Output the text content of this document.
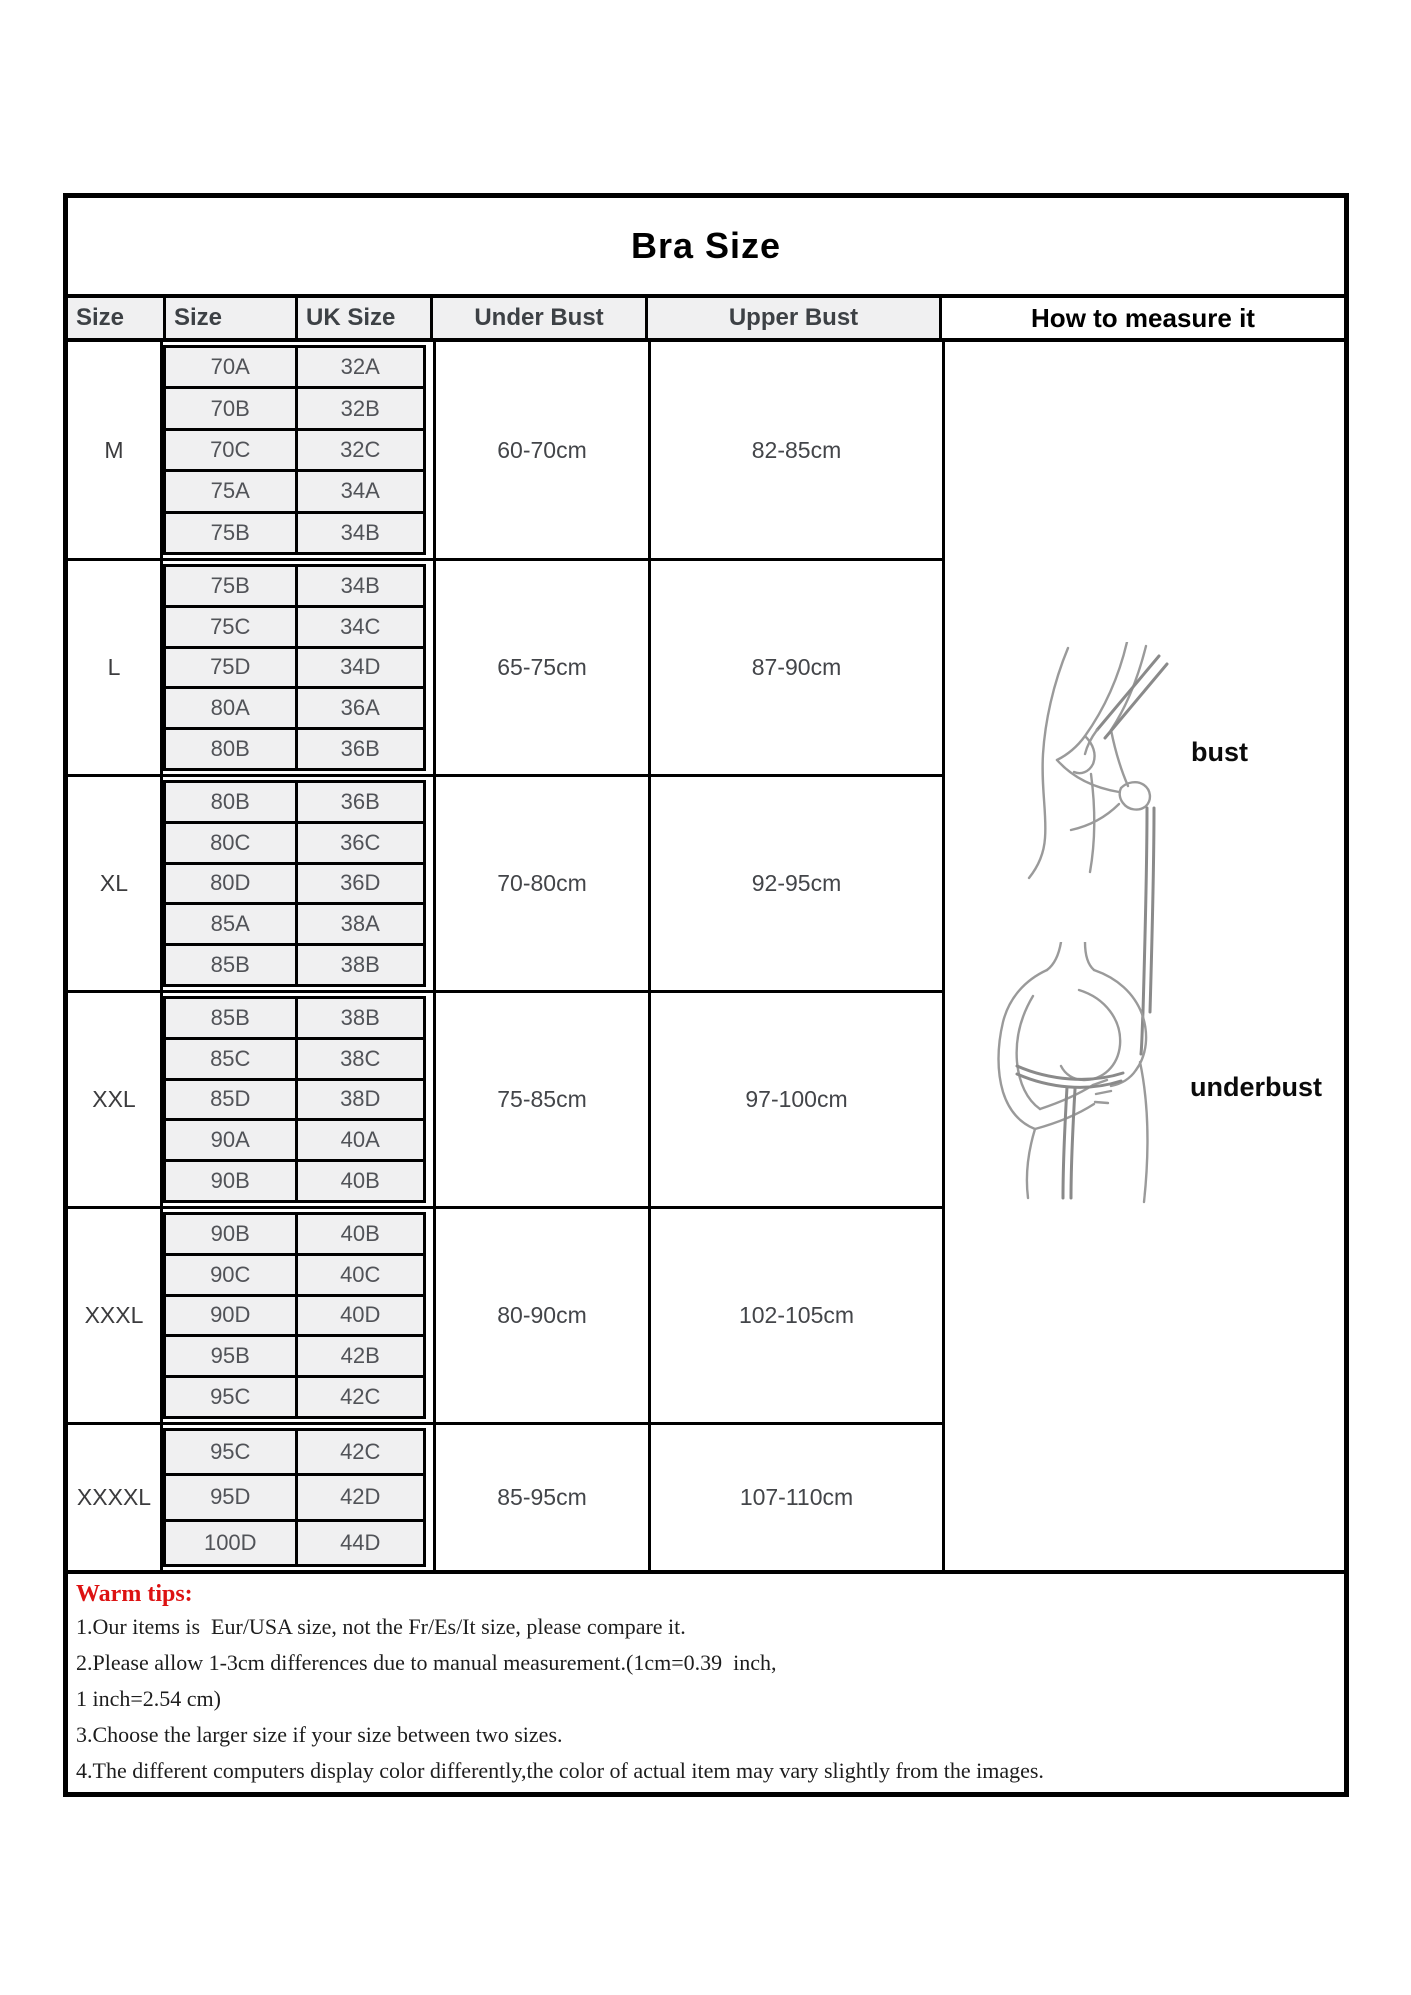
Bra Size
Size	Size	UK Size	Under Bust	Upper Bust	How to measure it
M
70A	32A
70B	32B
70C	32C
75A	34A
75B	34B
60-70cm	82-85cm
L
75B	34B
75C	34C
75D	34D
80A	36A
80B	36B
65-75cm	87-90cm
XL
80B	36B
80C	36C
80D	36D
85A	38A
85B	38B
70-80cm	92-95cm
XXL
85B	38B
85C	38C
85D	38D
90A	40A
90B	40B
75-85cm	97-100cm
XXXL
90B	40B
90C	40C
90D	40D
95B	42B
95C	42C
80-90cm	102-105cm
XXXXL
95C	42C
95D	42D
100D	44D
85-95cm	107-110cm
bust
underbust
Warm tips:
1.Our items is  Eur/USA size, not the Fr/Es/It size, please compare it.
2.Please allow 1-3cm differences due to manual measurement.(1cm=0.39  inch,
1 inch=2.54 cm)
3.Choose the larger size if your size between two sizes.
4.The different computers display color differently,the color of actual item may vary slightly from the images.
